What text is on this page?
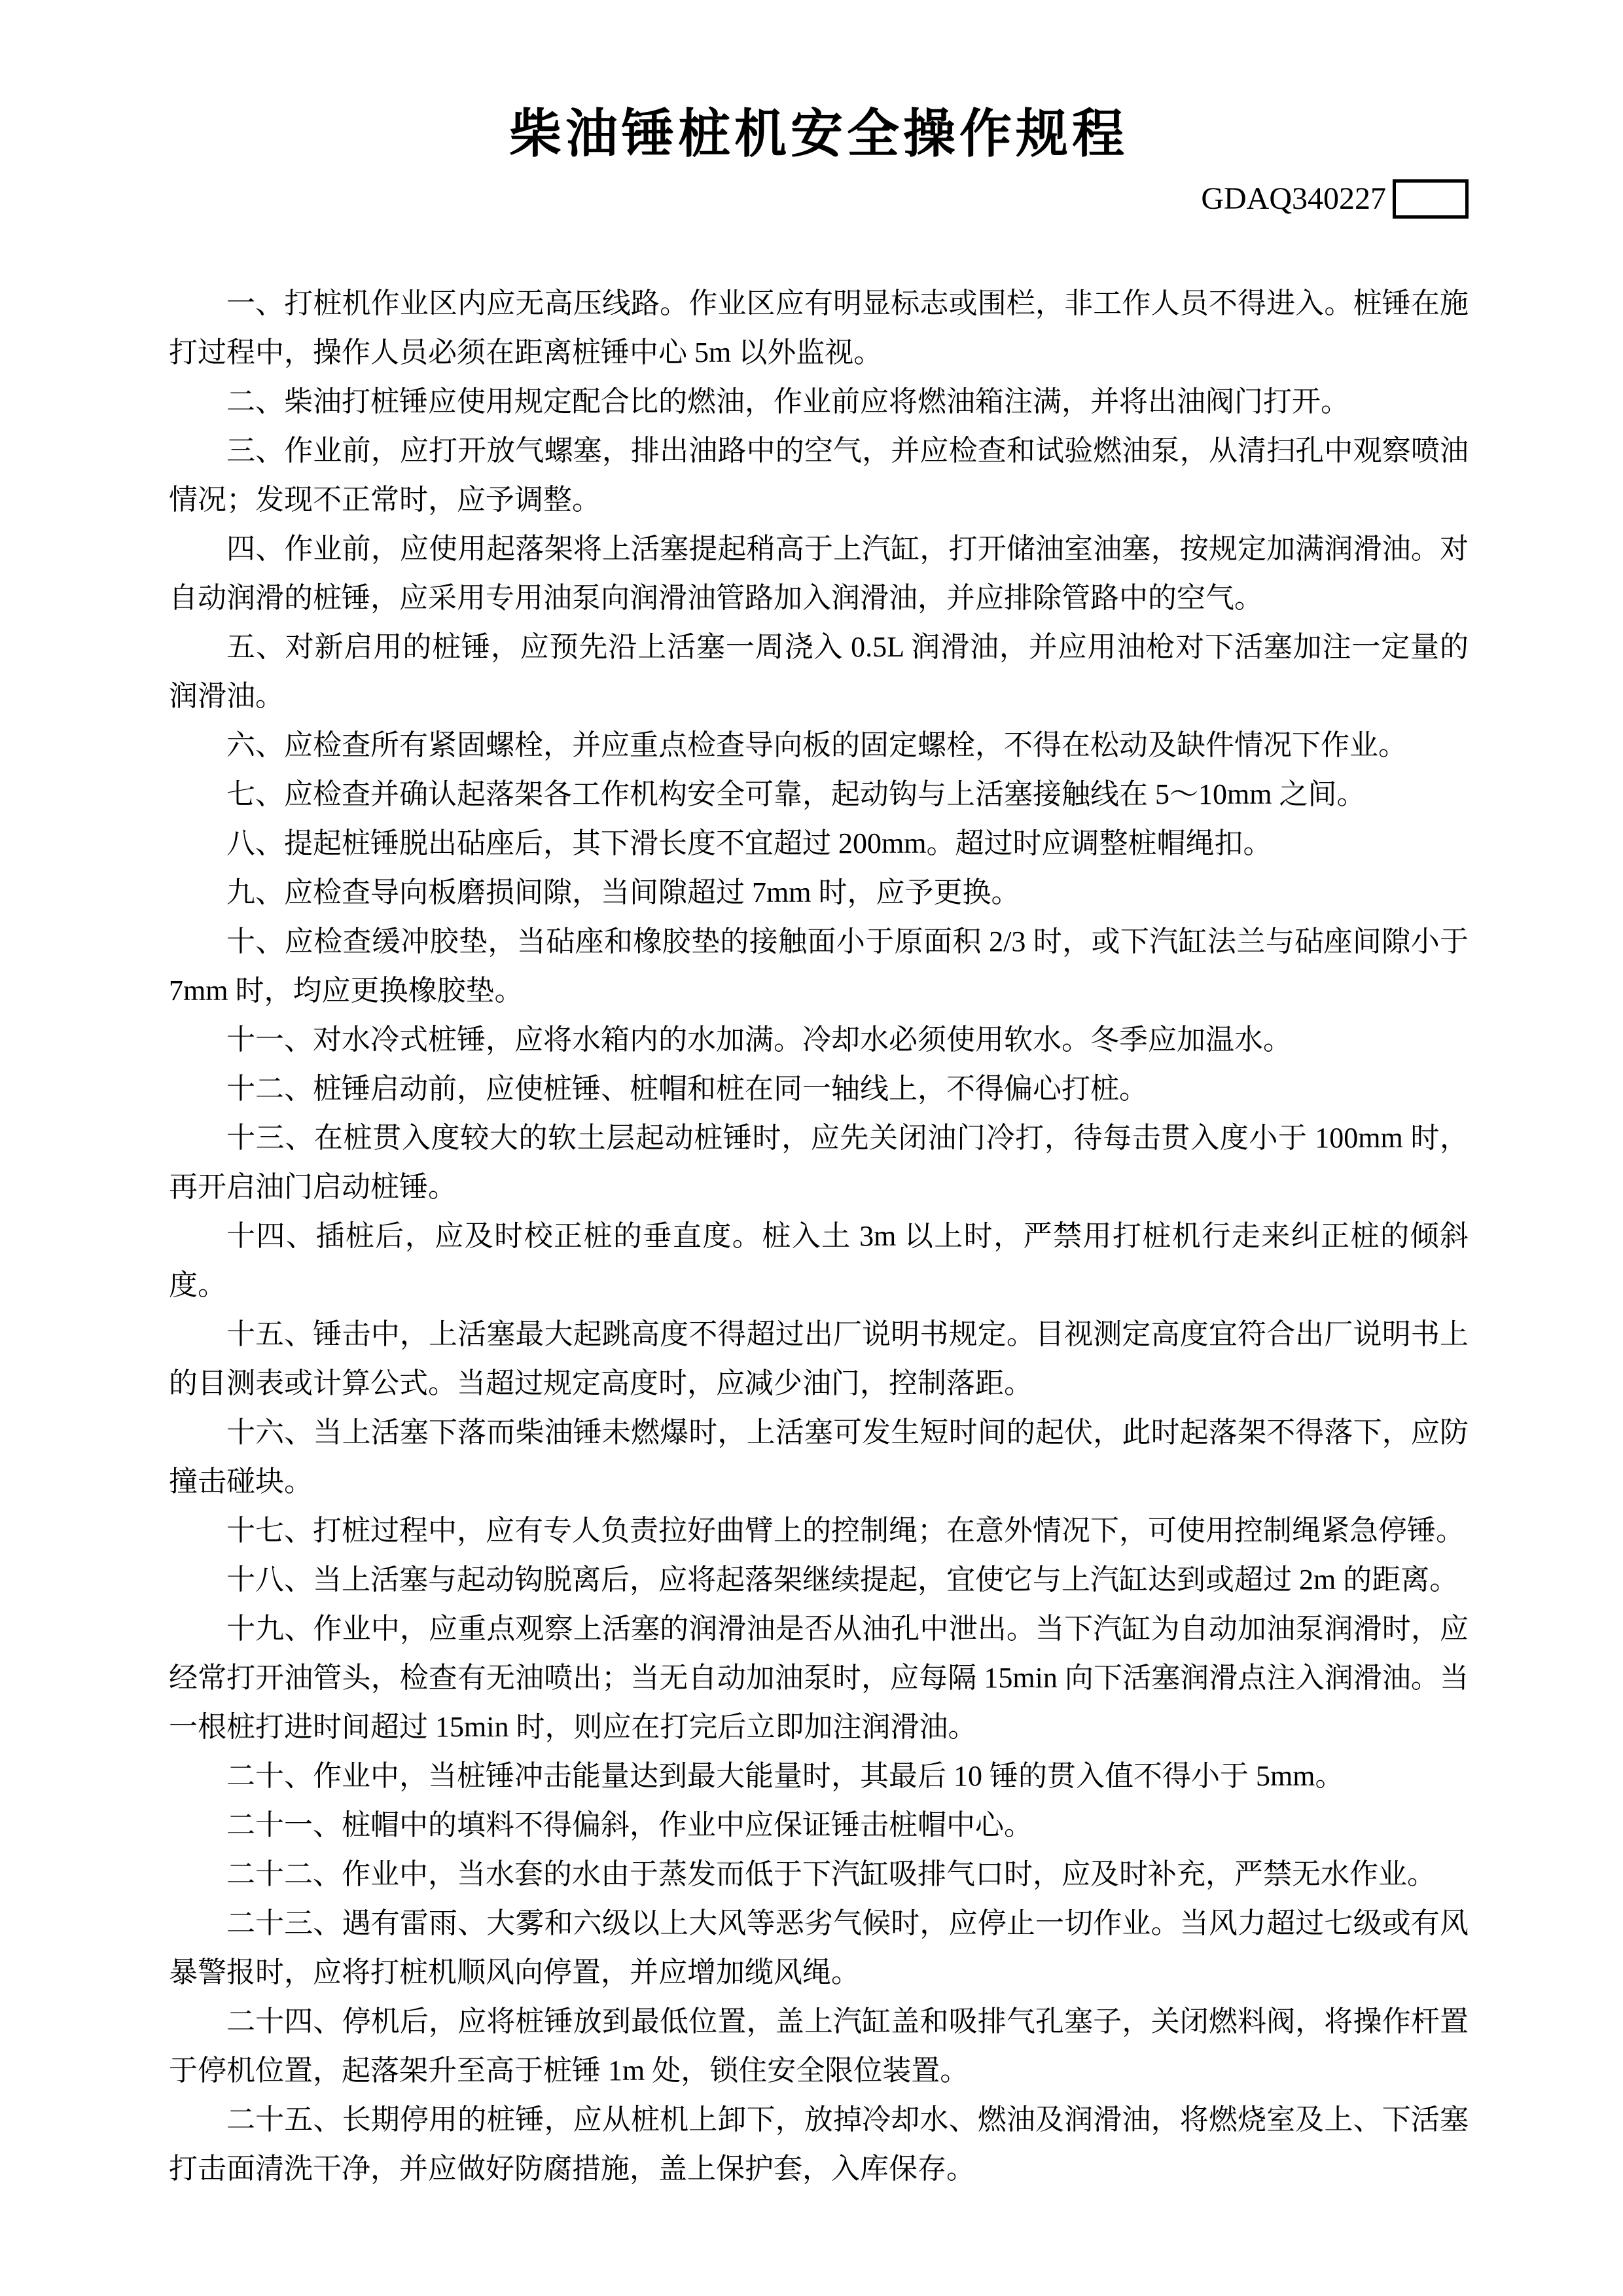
柴油锤桩机安全操作规程
GDAQ340227

一、打桩机作业区内应无高压线路。作业区应有明显标志或围栏，非工作人员不得进入。桩锤在施打过程中，操作人员必须在距离桩锤中心 5m 以外监视。

二、柴油打桩锤应使用规定配合比的燃油，作业前应将燃油箱注满，并将出油阀门打开。

三、作业前，应打开放气螺塞，排出油路中的空气，并应检查和试验燃油泵，从清扫孔中观察喷油情况；发现不正常时，应予调整。

四、作业前，应使用起落架将上活塞提起稍高于上汽缸，打开储油室油塞，按规定加满润滑油。对自动润滑的桩锤，应采用专用油泵向润滑油管路加入润滑油，并应排除管路中的空气。

五、对新启用的桩锤，应预先沿上活塞一周浇入 0.5L 润滑油，并应用油枪对下活塞加注一定量的润滑油。

六、应检查所有紧固螺栓，并应重点检查导向板的固定螺栓，不得在松动及缺件情况下作业。

七、应检查并确认起落架各工作机构安全可靠，起动钩与上活塞接触线在 5～10mm 之间。

八、提起桩锤脱出砧座后，其下滑长度不宜超过 200mm。超过时应调整桩帽绳扣。

九、应检查导向板磨损间隙，当间隙超过 7mm 时，应予更换。

十、应检查缓冲胶垫，当砧座和橡胶垫的接触面小于原面积 2/3 时，或下汽缸法兰与砧座间隙小于 7mm 时，均应更换橡胶垫。

十一、对水冷式桩锤，应将水箱内的水加满。冷却水必须使用软水。冬季应加温水。

十二、桩锤启动前，应使桩锤、桩帽和桩在同一轴线上，不得偏心打桩。

十三、在桩贯入度较大的软土层起动桩锤时，应先关闭油门冷打，待每击贯入度小于 100mm 时，再开启油门启动桩锤。

十四、插桩后，应及时校正桩的垂直度。桩入土 3m 以上时，严禁用打桩机行走来纠正桩的倾斜度。

十五、锤击中，上活塞最大起跳高度不得超过出厂说明书规定。目视测定高度宜符合出厂说明书上的目测表或计算公式。当超过规定高度时，应减少油门，控制落距。

十六、当上活塞下落而柴油锤未燃爆时，上活塞可发生短时间的起伏，此时起落架不得落下，应防撞击碰块。

十七、打桩过程中，应有专人负责拉好曲臂上的控制绳；在意外情况下，可使用控制绳紧急停锤。

十八、当上活塞与起动钩脱离后，应将起落架继续提起，宜使它与上汽缸达到或超过 2m 的距离。

十九、作业中，应重点观察上活塞的润滑油是否从油孔中泄出。当下汽缸为自动加油泵润滑时，应经常打开油管头，检查有无油喷出；当无自动加油泵时，应每隔 15min 向下活塞润滑点注入润滑油。当一根桩打进时间超过 15min 时，则应在打完后立即加注润滑油。

二十、作业中，当桩锤冲击能量达到最大能量时，其最后 10 锤的贯入值不得小于 5mm。

二十一、桩帽中的填料不得偏斜，作业中应保证锤击桩帽中心。

二十二、作业中，当水套的水由于蒸发而低于下汽缸吸排气口时，应及时补充，严禁无水作业。

二十三、遇有雷雨、大雾和六级以上大风等恶劣气候时，应停止一切作业。当风力超过七级或有风暴警报时，应将打桩机顺风向停置，并应增加缆风绳。

二十四、停机后，应将桩锤放到最低位置，盖上汽缸盖和吸排气孔塞子，关闭燃料阀，将操作杆置于停机位置，起落架升至高于桩锤 1m 处，锁住安全限位装置。

二十五、长期停用的桩锤，应从桩机上卸下，放掉冷却水、燃油及润滑油，将燃烧室及上、下活塞打击面清洗干净，并应做好防腐措施，盖上保护套，入库保存。
